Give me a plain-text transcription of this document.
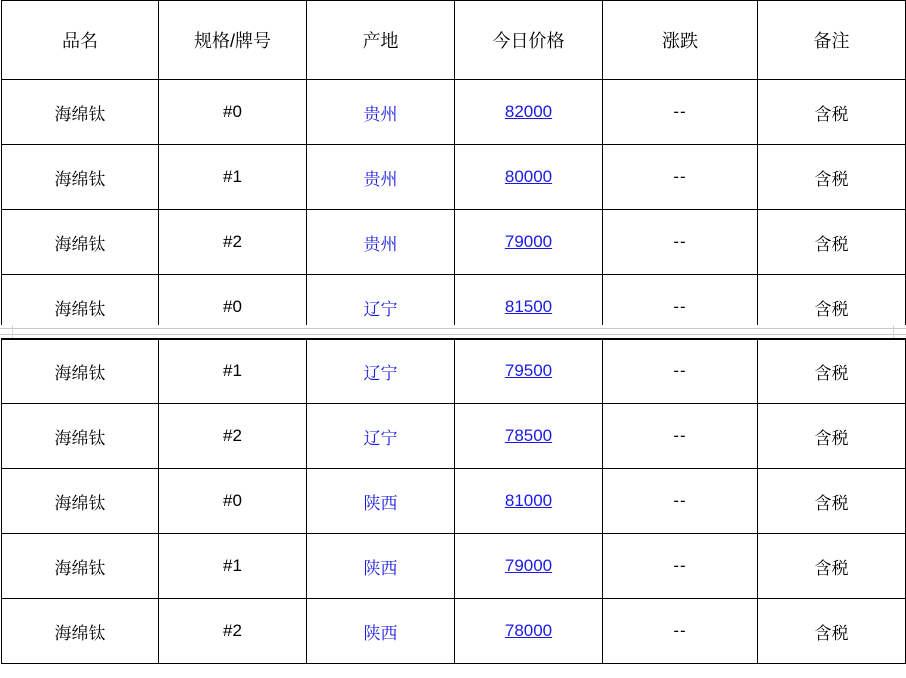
品名	规格/牌号	产地	今日价格	涨跌	备注
海绵钛	#0	贵州	82000	--	含税
海绵钛	#1	贵州	80000	--	含税
海绵钛	#2	贵州	79000	--	含税
海绵钛	#0	辽宁	81500	--	含税
海绵钛	#1	辽宁	79500	--	含税
海绵钛	#2	辽宁	78500	--	含税
海绵钛	#0	陕西	81000	--	含税
海绵钛	#1	陕西	79000	--	含税
海绵钛	#2	陕西	78000	--	含税
